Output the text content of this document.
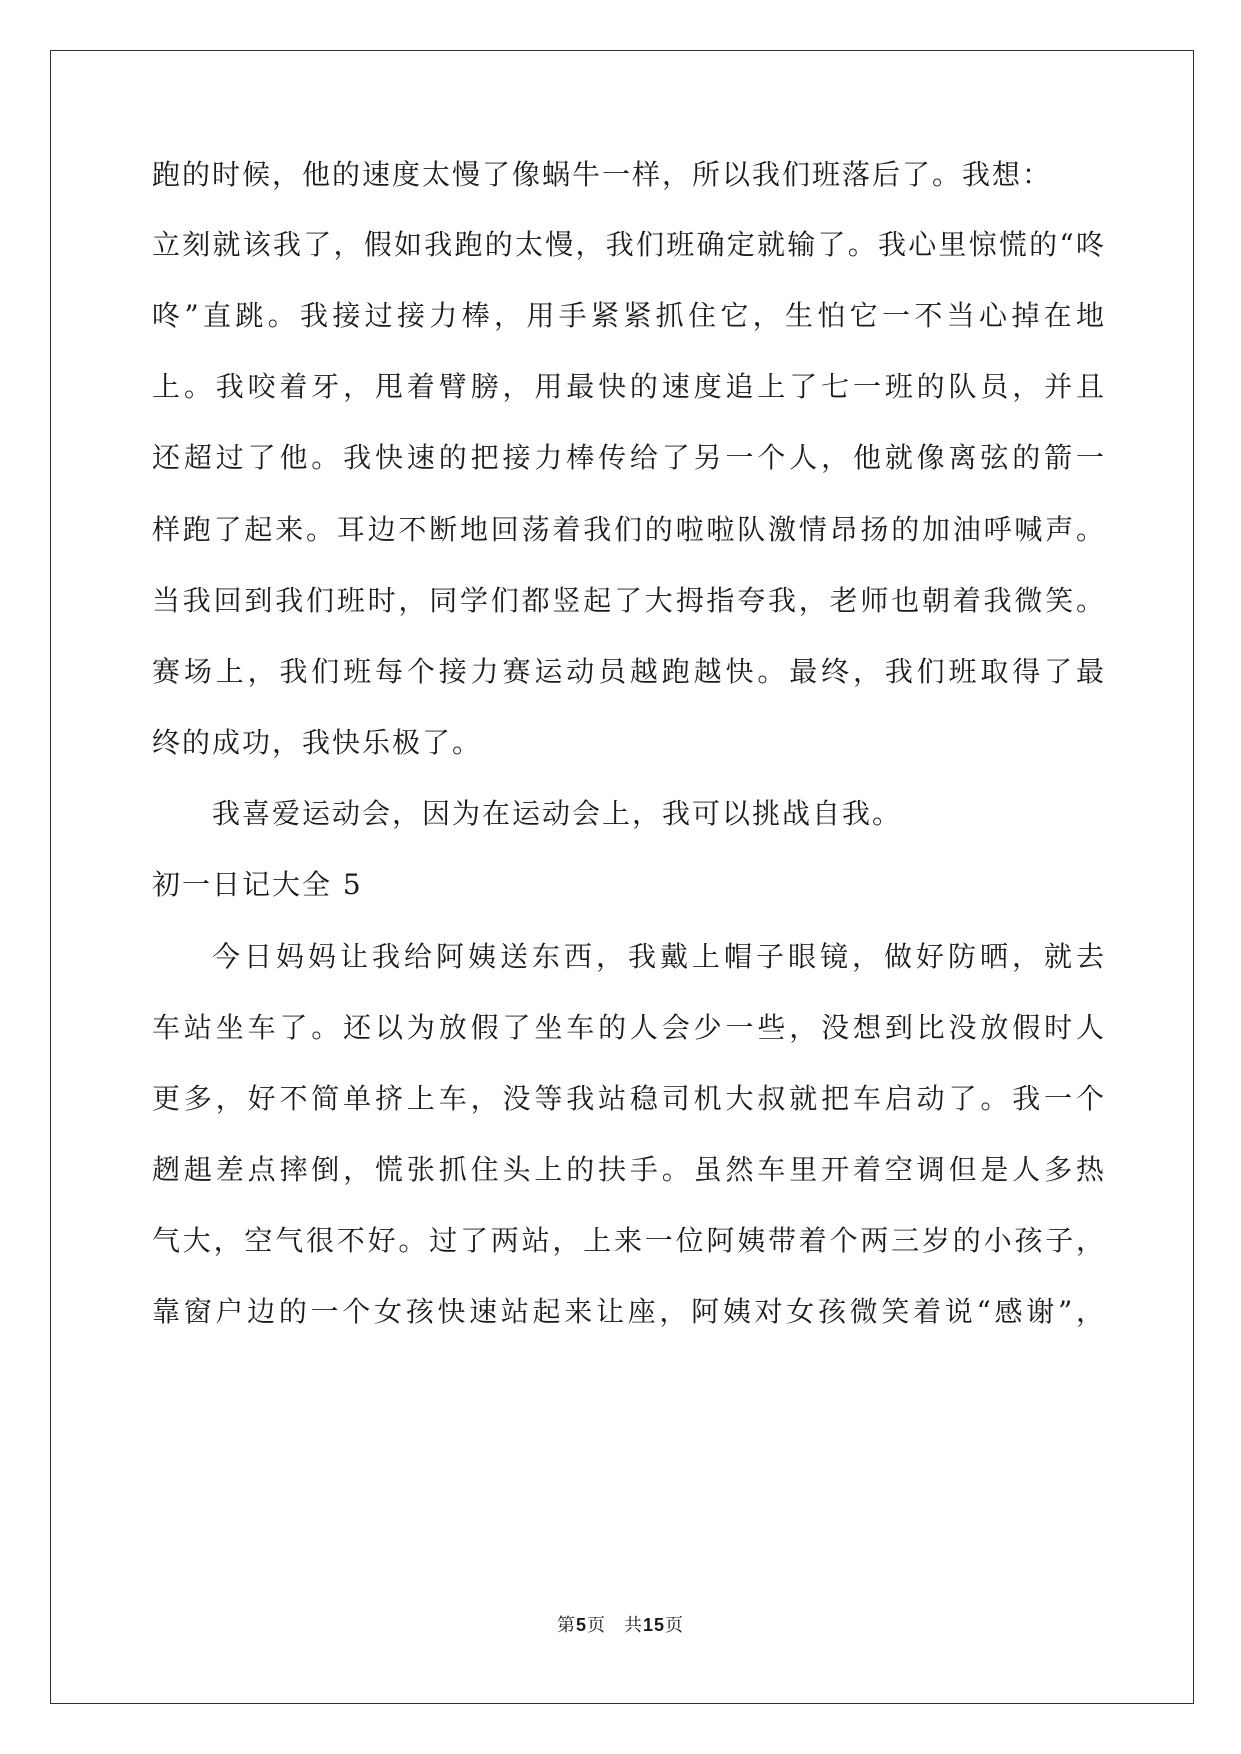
跑的时候，他的速度太慢了像蜗牛一样，所以我们班落后了。我想：
立刻就该我了，假如我跑的太慢，我们班确定就输了。我心里惊慌的“咚
咚”直跳。我接过接力棒，用手紧紧抓住它，生怕它一不当心掉在地
上。我咬着牙，甩着臂膀，用最快的速度追上了七一班的队员，并且
还超过了他。我快速的把接力棒传给了另一个人，他就像离弦的箭一
样跑了起来。耳边不断地回荡着我们的啦啦队激情昂扬的加油呼喊声。
当我回到我们班时，同学们都竖起了大拇指夸我，老师也朝着我微笑。
赛场上，我们班每个接力赛运动员越跑越快。最终，我们班取得了最
终的成功，我快乐极了。
我喜爱运动会，因为在运动会上，我可以挑战自我。
初一日记大全 5
今日妈妈让我给阿姨送东西，我戴上帽子眼镜，做好防晒，就去
车站坐车了。还以为放假了坐车的人会少一些，没想到比没放假时人
更多，好不简单挤上车，没等我站稳司机大叔就把车启动了。我一个
趔趄差点摔倒，慌张抓住头上的扶手。虽然车里开着空调但是人多热
气大，空气很不好。过了两站，上来一位阿姨带着个两三岁的小孩子，
靠窗户边的一个女孩快速站起来让座，阿姨对女孩微笑着说“感谢”，
第5页 共15页
